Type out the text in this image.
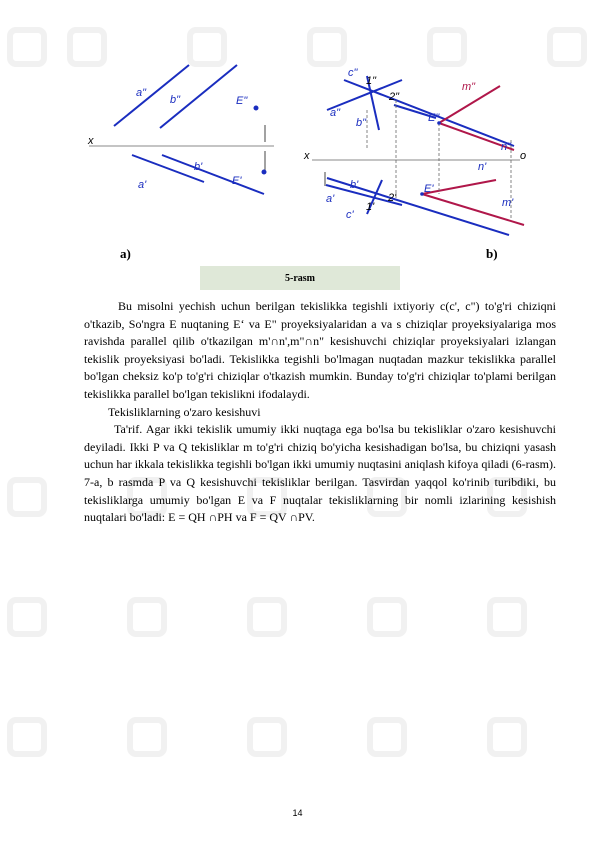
a"
b"	E"
x
b'
E'
a'
c"
1"	m"
a"
2"
b"	E"
n"
x	o
n'
b'
a'
E'
2'
1'
c'
m'
a)	b)
5-rasm

Bu misolni yechish uchun berilgan tekislikka tegishli ixtiyoriy c(c', c") to'g'ri chiziqni o'tkazib, So'ngra E nuqtaning E‘ va E" proyeksiyalaridan a va s chiziqlar proyeksiyalariga mos ravishda parallel qilib o'tkazilgan m'∩n',m"∩n" kesishuvchi chiziqlar proyeksiyalari izlangan tekislik proyeksiyasi bo'ladi. Tekislikka tegishli bo'lmagan nuqtadan mazkur tekislikka parallel bo'lgan cheksiz ko'p to'g'ri chiziqlar o'tkazish mumkin. Bunday to'g'ri chiziqlar to'plami berilgan tekislikka parallel bo'lgan tekislikni ifodalaydi.

Tekisliklarning o'zaro kesishuvi

Ta'rif. Agar ikki tekislik umumiy ikki nuqtaga ega bo'lsa bu tekisliklar o'zaro kesishuvchi deyiladi. Ikki P va Q tekisliklar m to'g'ri chiziq bo'yicha kesishadigan bo'lsa, bu chiziqni yasash uchun har ikkala tekislikka tegishli bo'lgan ikki umumiy nuqtasini aniqlash kifoya qiladi (6-rasm). 7-a, b rasmda P va Q kesishuvchi tekisliklar berilgan. Tasvirdan yaqqol ko'rinib turibdiki, bu tekisliklarga umumiy bo'lgan E va F nuqtalar tekisliklarning bir nomli izlarining kesishish nuqtalari bo'ladi: E = QH ∩PH va F = QV ∩PV.

14
